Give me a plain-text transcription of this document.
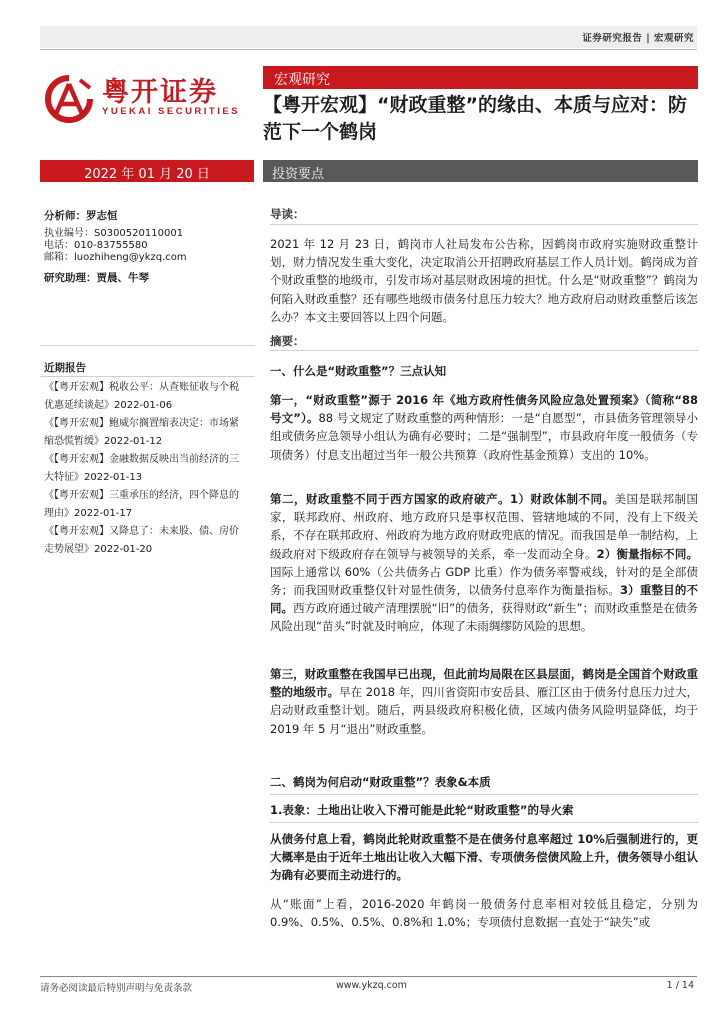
证券研究报告 | 宏观研究
粤开证券
YUEKAI SECURITIES
宏观研究
【粤开宏观】“财政重整”的缘由、本质与应对：防范下一个鹤岗
2022 年 01 月 20 日	投资要点
分析师：罗志恒
执业编号：S0300520110001
电话：010-83755580
邮箱：luozhiheng@ykzq.com
研究助理：贾晨、牛琴
近期报告
《【粤开宏观】税收公平：从查账征收与个税优惠延续谈起》2022-01-06
《【粤开宏观】鲍威尔搁置缩表决定：市场紧缩恐慌暂缓》2022-01-12
《【粤开宏观】金融数据反映出当前经济的三大特征》2022-01-13
《【粤开宏观】三重承压的经济，四个降息的理由》2022-01-17
《【粤开宏观】又降息了：未来股、债、房价走势展望》2022-01-20
导读：
2021 年 12 月 23 日，鹤岗市人社局发布公告称，因鹤岗市政府实施财政重整计划，财力情况发生重大变化，决定取消公开招聘政府基层工作人员计划。鹤岗成为首个财政重整的地级市，引发市场对基层财政困境的担忧。什么是“财政重整”？鹤岗为何陷入财政重整？还有哪些地级市债务付息压力较大？地方政府启动财政重整后该怎么办？本文主要回答以上四个问题。
摘要：
一、什么是“财政重整”？三点认知
第一，“财政重整”源于 2016 年《地方政府性债务风险应急处置预案》（简称“88 号文”）。88 号文规定了财政重整的两种情形：一是“自愿型”，市县债务管理领导小组或债务应急领导小组认为确有必要时；二是“强制型”，市县政府年度一般债务（专项债务）付息支出超过当年一般公共预算（政府性基金预算）支出的 10%。
第二，财政重整不同于西方国家的政府破产。1）财政体制不同。美国是联邦制国家，联邦政府、州政府、地方政府只是事权范围、管辖地域的不同，没有上下级关系，不存在联邦政府、州政府为地方政府财政兜底的情况。而我国是单一制结构，上级政府对下级政府存在领导与被领导的关系，牵一发而动全身。2）衡量指标不同。国际上通常以 60%（公共债务占 GDP 比重）作为债务率警戒线，针对的是全部债务；而我国财政重整仅针对显性债务，以债务付息率作为衡量指标。3）重整目的不同。西方政府通过破产清理摆脱“旧”的债务，获得财政“新生”；而财政重整是在债务风险出现“苗头”时就及时响应，体现了未雨绸缪防风险的思想。
第三，财政重整在我国早已出现，但此前均局限在区县层面，鹤岗是全国首个财政重整的地级市。早在 2018 年，四川省资阳市安岳县、雁江区由于债务付息压力过大，启动财政重整计划。随后，两县级政府积极化债，区域内债务风险明显降低，均于 2019 年 5 月“退出”财政重整。
二、鹤岗为何启动“财政重整”？表象&本质
1.表象：土地出让收入下滑可能是此轮“财政重整”的导火索
从债务付息上看，鹤岗此轮财政重整不是在债务付息率超过 10%后强制进行的，更大概率是由于近年土地出让收入大幅下滑、专项债务偿债风险上升，债务领导小组认为确有必要而主动进行的。
从“账面”上看，2016-2020 年鹤岗一般债务付息率相对较低且稳定，分别为 0.9%、0.5%、0.5%、0.8%和 1.0%；专项债付息数据一直处于“缺失”或
请务必阅读最后特别声明与免责条款	www.ykzq.com	1 / 14
